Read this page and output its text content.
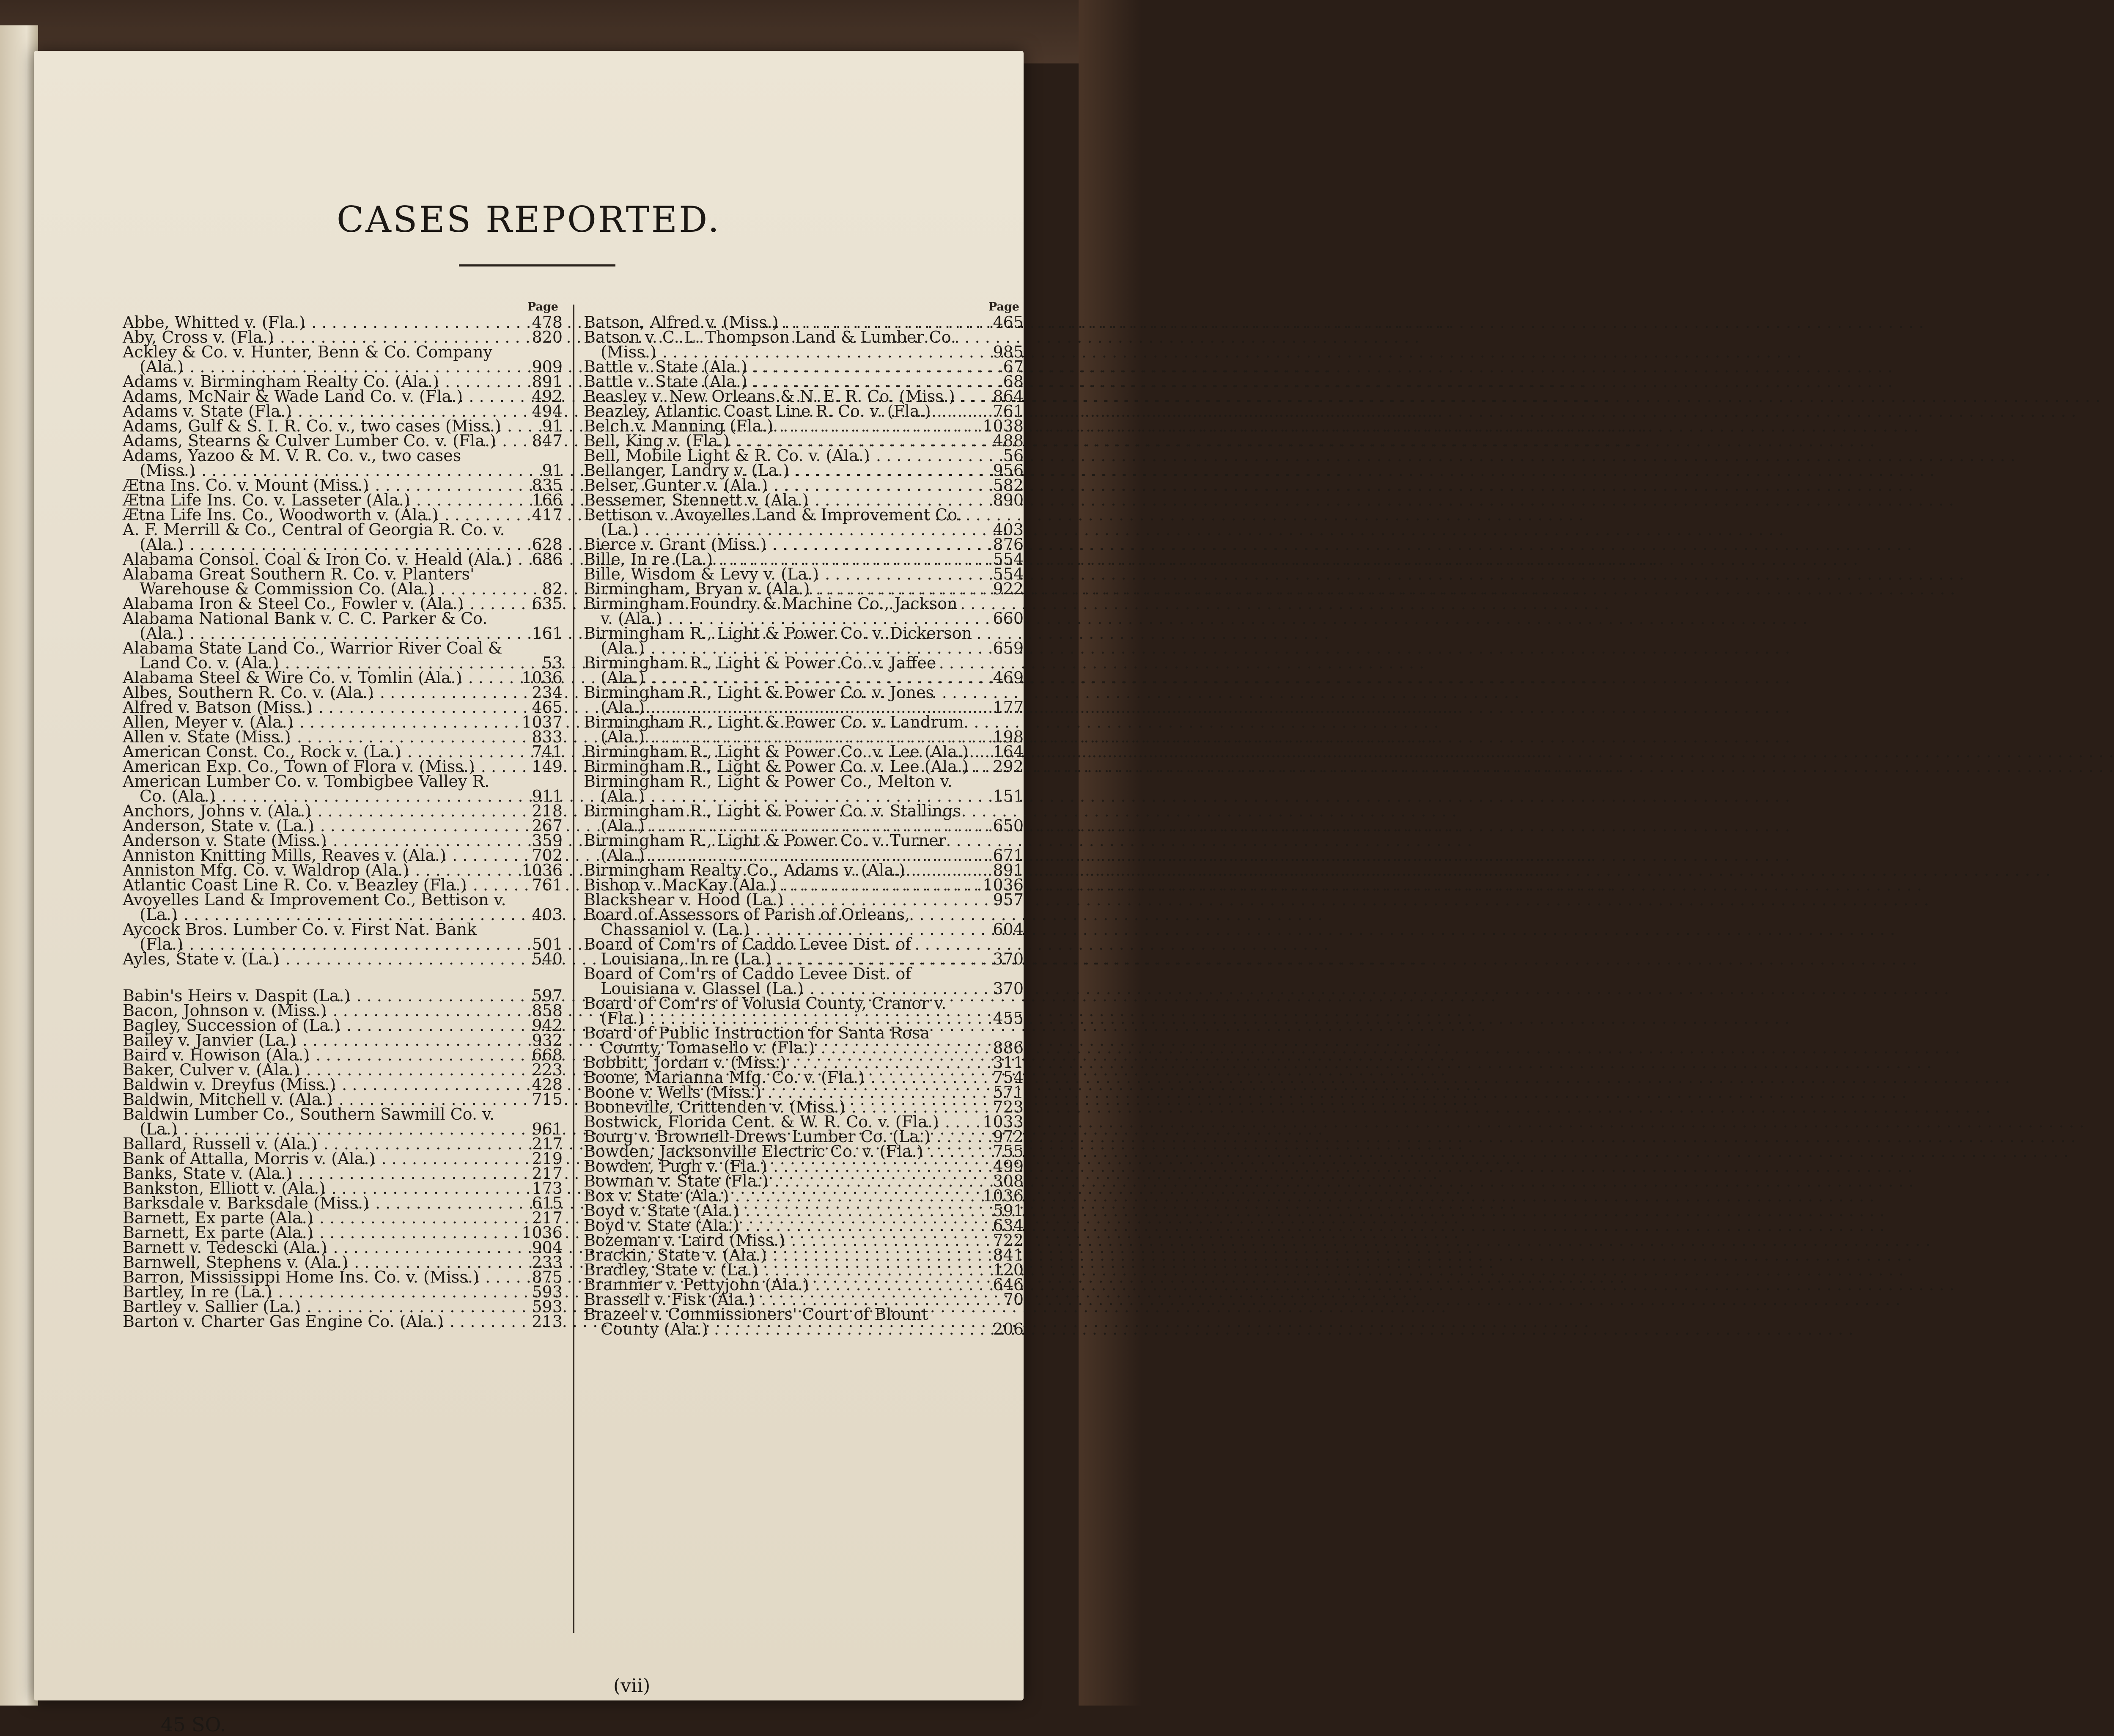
CASES REPORTED.
Page
Abbe, Whitted v. (Fla.) . . .	478
Aby, Cross v. (Fla.) . . .	820
Ackley & Co. v. Hunter, Benn & Co. Company (Ala.) . . .	909
Adams v. Birmingham Realty Co. (Ala.) . . .	891
Adams, McNair & Wade Land Co. v. (Fla.) . . .	492
Adams v. State (Fla.) . . .	494
Adams, Gulf & S. I. R. Co. v., two cases (Miss.) . . .	91
Adams, Stearns & Culver Lumber Co. v. (Fla.) . . .	847
Adams, Yazoo & M. V. R. Co. v., two cases (Miss.) . . .	91
Ætna Ins. Co. v. Mount (Miss.) . . .	835
Ætna Life Ins. Co. v. Lasseter (Ala.) . . .	166
Ætna Life Ins. Co., Woodworth v. (Ala.) . . .	417
A. F. Merrill & Co., Central of Georgia R. Co. v. (Ala.) . . .	628
Alabama Consol. Coal & Iron Co. v. Heald (Ala.) . . .	686
Alabama Great Southern R. Co. v. Planters' Warehouse & Commission Co. (Ala.) . . .	82
Alabama Iron & Steel Co., Fowler v. (Ala.) . . .	635
Alabama National Bank v. C. C. Parker & Co. (Ala.) . . .	161
Alabama State Land Co., Warrior River Coal & Land Co. v. (Ala.) . . .	53
Alabama Steel & Wire Co. v. Tomlin (Ala.) . . .	1036
Albes, Southern R. Co. v. (Ala.) . . .	234
Alfred v. Batson (Miss.) . . .	465
Allen, Meyer v. (Ala.) . . .	1037
Allen v. State (Miss.) . . .	833
American Const. Co., Rock v. (La.) . . .	741
American Exp. Co., Town of Flora v. (Miss.) . . .	149
American Lumber Co. v. Tombigbee Valley R. Co. (Ala.) . . .	911
Anchors, Johns v. (Ala.) . . .	218
Anderson, State v. (La.) . . .	267
Anderson v. State (Miss.) . . .	359
Anniston Knitting Mills, Reaves v. (Ala.) . . .	702
Anniston Mfg. Co. v. Waldrop (Ala.) . . .	1036
Atlantic Coast Line R. Co. v. Beazley (Fla.) . . .	761
Avoyelles Land & Improvement Co., Bettison v. (La.) . . .	403
Aycock Bros. Lumber Co. v. First Nat. Bank (Fla.) . . .	501
Ayles, State v. (La.) . . .	540
Babin's Heirs v. Daspit (La.) . . .	597
Bacon, Johnson v. (Miss.) . . .	858
Bagley, Succession of (La.) . . .	942
Bailey v. Janvier (La.) . . .	932
Baird v. Howison (Ala.) . . .	668
Baker, Culver v. (Ala.) . . .	223
Baldwin v. Dreyfus (Miss.) . . .	428
Baldwin, Mitchell v. (Ala.) . . .	715
Baldwin Lumber Co., Southern Sawmill Co. v. (La.) . . .	961
Ballard, Russell v. (Ala.) . . .	217
Bank of Attalla, Morris v. (Ala.) . . .	219
Banks, State v. (Ala.) . . .	217
Bankston, Elliott v. (Ala.) . . .	173
Barksdale v. Barksdale (Miss.) . . .	615
Barnett, Ex parte (Ala.) . . .	217
Barnett, Ex parte (Ala.) . . .	1036
Barnett v. Tedescki (Ala.) . . .	904
Barnwell, Stephens v. (Ala.) . . .	233
Barron, Mississippi Home Ins. Co. v. (Miss.) . . .	875
Bartley, In re (La.) . . .	593
Bartley v. Sallier (La.) . . .	593
Barton v. Charter Gas Engine Co. (Ala.) . . .	213
Page
Batson, Alfred v. (Miss.) . . .	465
Batson v. C. L. Thompson Land & Lumber Co. (Miss.) . . .	985
Battle v. State (Ala.) . . .	67
Battle v. State (Ala.) . . .	68
Beasley v. New Orleans & N. E. R. Co. (Miss.) . . .	864
Beazley, Atlantic Coast Line R. Co. v. (Fla.) . . .	761
Belch v. Manning (Fla.) . . .	1038
Bell, King v. (Fla.) . . .	488
Bell, Mobile Light & R. Co. v. (Ala.) . . .	56
Bellanger, Landry v. (La.) . . .	956
Belser, Gunter v. (Ala.) . . .	582
Bessemer, Stennett v. (Ala.) . . .	890
Bettison v. Avoyelles Land & Improvement Co. (La.) . . .	403
Bierce v. Grant (Miss.) . . .	876
Bille, In re (La.) . . .	554
Bille, Wisdom & Levy v. (La.) . . .	554
Birmingham, Bryan v. (Ala.) . . .	922
Birmingham Foundry & Machine Co., Jackson v. (Ala.) . . .	660
Birmingham R., Light & Power Co. v. Dickerson (Ala.) . . .	659
Birmingham R., Light & Power Co. v. Jaffee (Ala.) . . .	469
Birmingham R., Light & Power Co. v. Jones (Ala.) . . .	177
Birmingham R., Light & Power Co. v. Landrum (Ala.) . . .	198
Birmingham R., Light & Power Co. v. Lee (Ala.) . . .	164
Birmingham R., Light & Power Co. v. Lee (Ala.) . . .	292
Birmingham R., Light & Power Co., Melton v. (Ala.) . . .	151
Birmingham R., Light & Power Co. v. Stallings (Ala.) . . .	650
Birmingham R., Light & Power Co. v. Turner (Ala.) . . .	671
Birmingham Realty Co., Adams v. (Ala.) . . .	891
Bishop v. MacKay (Ala.) . . .	1036
Blackshear v. Hood (La.) . . .	957
Board of Assessors of Parish of Orleans, Chassaniol v. (La.) . . .	604
Board of Com'rs of Caddo Levee Dist. of Louisiana, In re (La.) . . .	370
Board of Com'rs of Caddo Levee Dist. of Louisiana v. Glassel (La.) . . .	370
Board of Com'rs of Volusia County, Cranor v. (Fla.) . . .	455
Board of Public Instruction for Santa Rosa County, Tomasello v. (Fla.) . . .	886
Bobbitt, Jordan v. (Miss.) . . .	311
Boone, Marianna Mfg. Co. v. (Fla.) . . .	754
Boone v. Wells (Miss.) . . .	571
Booneville, Crittenden v. (Miss.) . . .	723
Bostwick, Florida Cent. & W. R. Co. v. (Fla.) . . .	1033
Bourg v. Brownell-Drews Lumber Co. (La.) . . .	972
Bowden, Jacksonville Electric Co. v. (Fla.) . . .	755
Bowden, Pugh v. (Fla.) . . .	499
Bowman v. State (Fla.) . . .	308
Box v. State (Ala.) . . .	1036
Boyd v. State (Ala.) . . .	591
Boyd v. State (Ala.) . . .	634
Bozeman v. Laird (Miss.) . . .	722
Brackin, State v. (Ala.) . . .	841
Bradley, State v. (La.) . . .	120
Brammer v. Pettyjohn (Ala.) . . .	646
Brassell v. Fisk (Ala.) . . .	70
Brazeel v. Commissioners' Court of Blount County (Ala.) . . .	206
(vii)
45 SO.
